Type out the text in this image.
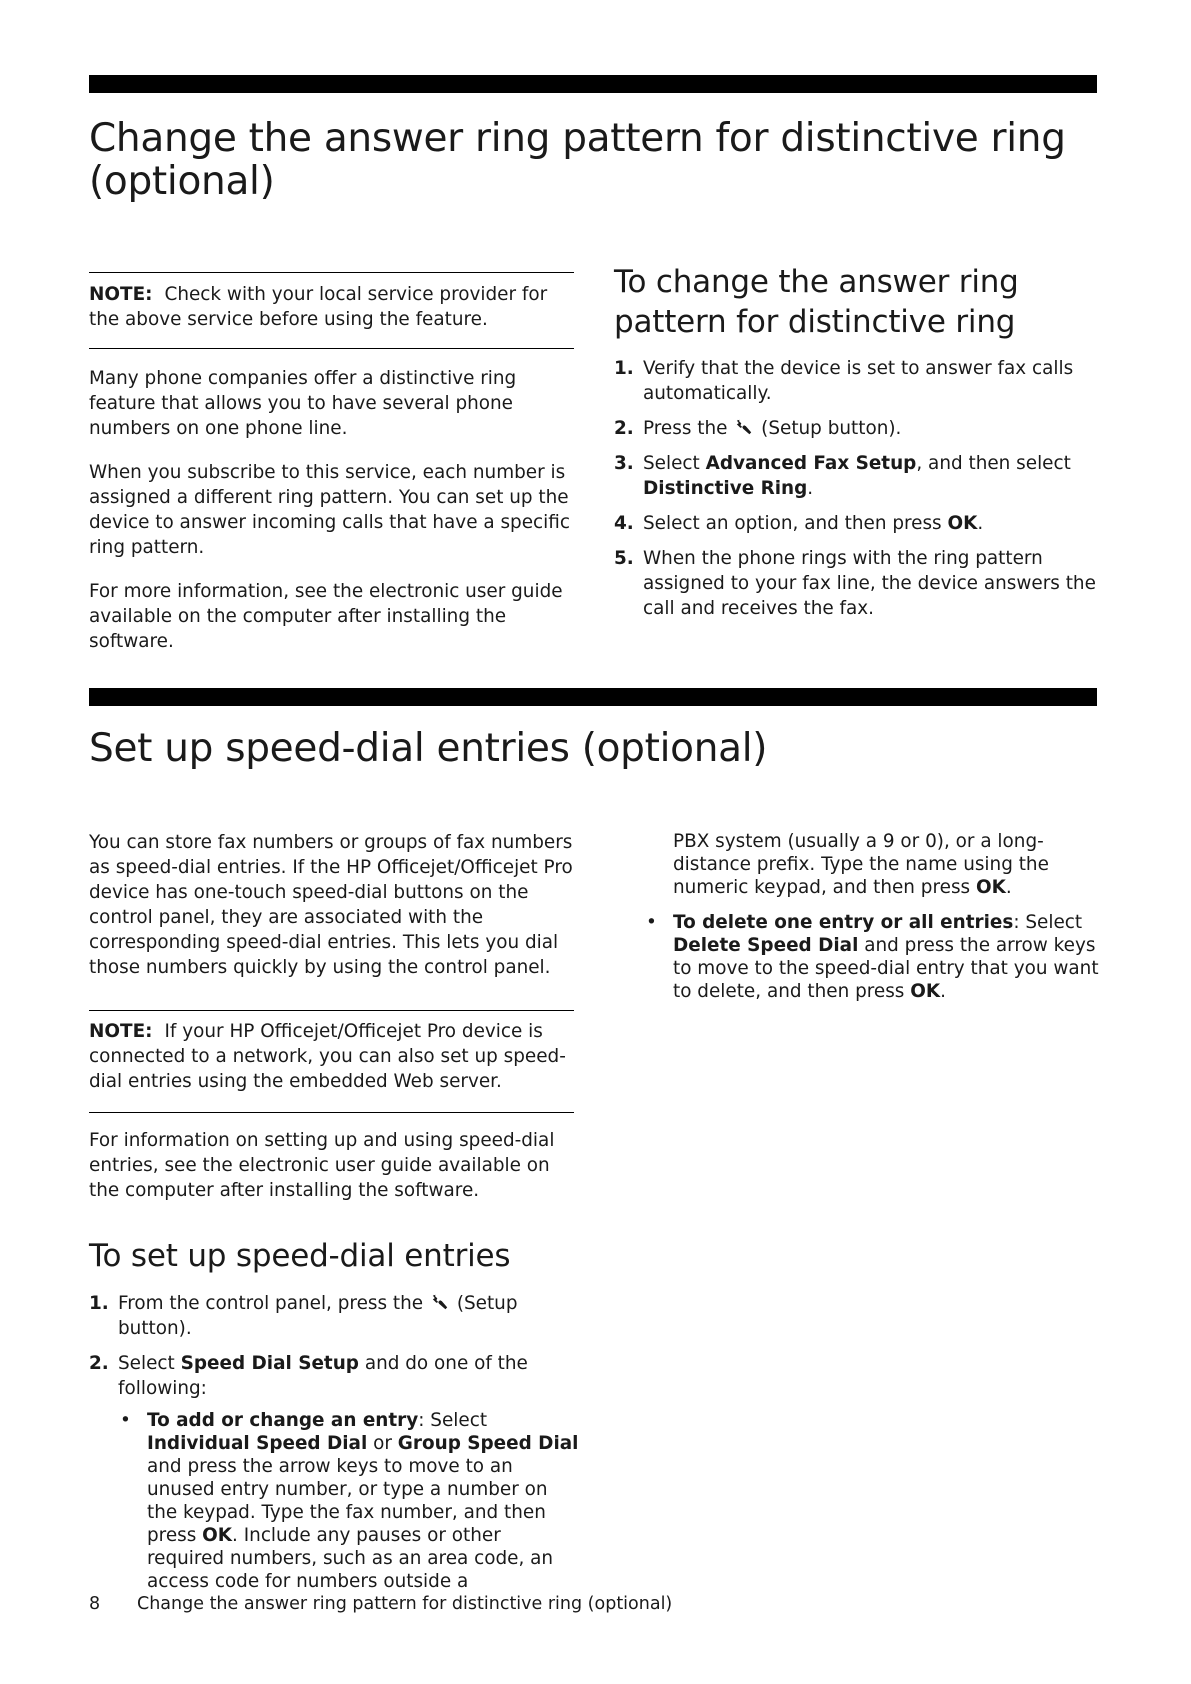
Change the answer ring pattern for distinctive ring (optional)

NOTE: Check with your local service provider for the above service before using the feature.

Many phone companies offer a distinctive ring feature that allows you to have several phone numbers on one phone line.

When you subscribe to this service, each number is assigned a different ring pattern. You can set up the device to answer incoming calls that have a specific ring pattern.

For more information, see the electronic user guide available on the computer after installing the software.

To change the answer ring pattern for distinctive ring
1. Verify that the device is set to answer fax calls automatically.
2. Press the (Setup button).
3. Select Advanced Fax Setup, and then select Distinctive Ring.
4. Select an option, and then press OK.
5. When the phone rings with the ring pattern assigned to your fax line, the device answers the call and receives the fax.
Set up speed-dial entries (optional)

You can store fax numbers or groups of fax numbers as speed-dial entries. If the HP Officejet/Officejet Pro device has one-touch speed-dial buttons on the control panel, they are associated with the corresponding speed-dial entries. This lets you dial those numbers quickly by using the control panel.

NOTE: If your HP Officejet/Officejet Pro device is connected to a network, you can also set up speed-dial entries using the embedded Web server.

For information on setting up and using speed-dial entries, see the electronic user guide available on the computer after installing the software.

To set up speed-dial entries
1. From the control panel, press the (Setup button).
2. Select Speed Dial Setup and do one of the following:
• To add or change an entry: Select Individual Speed Dial or Group Speed Dial and press the arrow keys to move to an unused entry number, or type a number on the keypad. Type the fax number, and then press OK. Include any pauses or other required numbers, such as an area code, an access code for numbers outside a

PBX system (usually a 9 or 0), or a long-distance prefix. Type the name using the numeric keypad, and then press OK.

• To delete one entry or all entries: Select Delete Speed Dial and press the arrow keys to move to the speed-dial entry that you want to delete, and then press OK.
8 Change the answer ring pattern for distinctive ring (optional)
